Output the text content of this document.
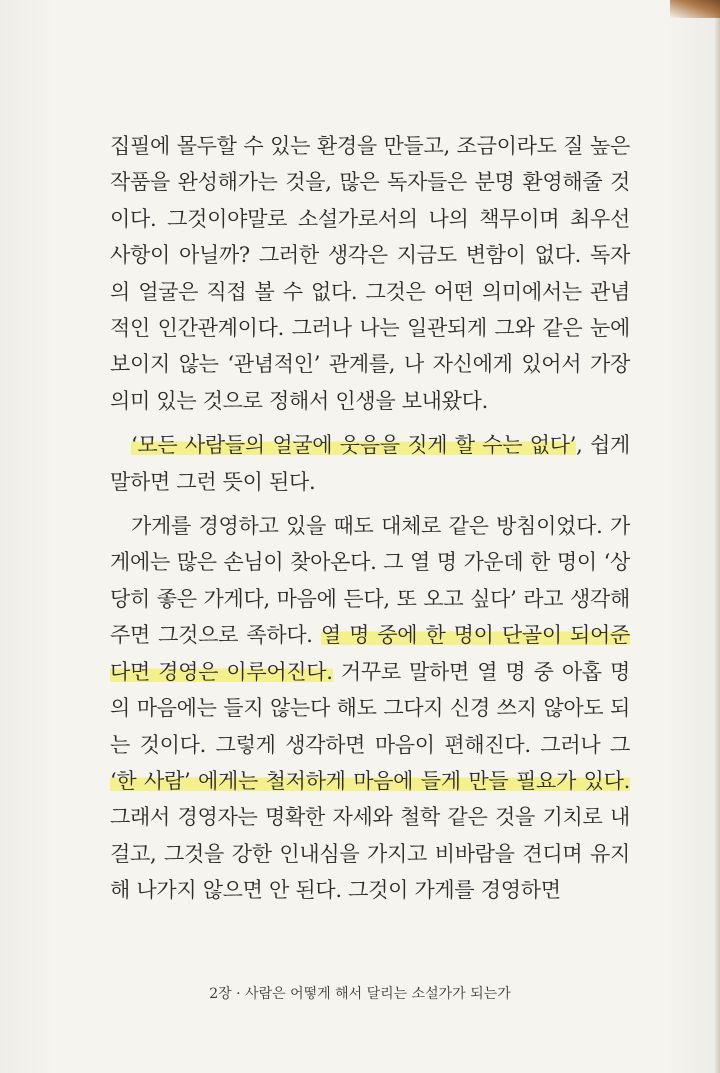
집필에 몰두할 수 있는 환경을 만들고, 조금이라도 질 높은 작품을 완성해가는 것을, 많은 독자들은 분명 환영해줄 것이다. 그것이야말로 소설가로서의 나의 책무이며 최우선 사항이 아닐까? 그러한 생각은 지금도 변함이 없다. 독자의 얼굴은 직접 볼 수 없다. 그것은 어떤 의미에서는 관념적인 인간관계이다. 그러나 나는 일관되게 그와 같은 눈에 보이지 않는 ‘관념적인’ 관계를, 나 자신에게 있어서 가장 의미 있는 것으로 정해서 인생을 보내왔다.

‘모든 사람들의 얼굴에 웃음을 짓게 할 수는 없다’, 쉽게 말하면 그런 뜻이 된다.

가게를 경영하고 있을 때도 대체로 같은 방침이었다. 가게에는 많은 손님이 찾아온다. 그 열 명 가운데 한 명이 ‘상당히 좋은 가게다, 마음에 든다, 또 오고 싶다’ 라고 생각해주면 그것으로 족하다. 열 명 중에 한 명이 단골이 되어준다면 경영은 이루어진다. 거꾸로 말하면 열 명 중 아홉 명의 마음에는 들지 않는다 해도 그다지 신경 쓰지 않아도 되는 것이다. 그렇게 생각하면 마음이 편해진다. 그러나 그 ‘한 사람’ 에게는 철저하게 마음에 들게 만들 필요가 있다. 그래서 경영자는 명확한 자세와 철학 같은 것을 기치로 내걸고, 그것을 강한 인내심을 가지고 비바람을 견디며 유지해 나가지 않으면 안 된다. 그것이 가게를 경영하면

2장 · 사람은 어떻게 해서 달리는 소설가가 되는가
